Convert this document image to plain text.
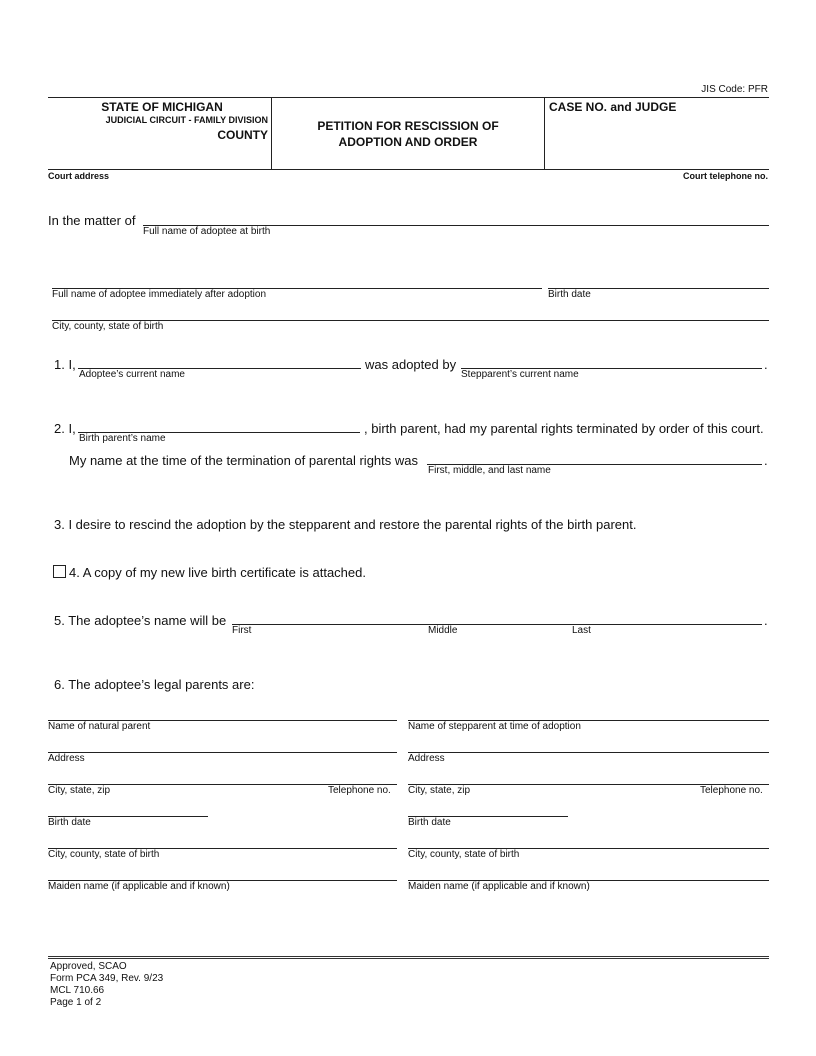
JIS Code: PFR
STATE OF MICHIGAN
JUDICIAL CIRCUIT - FAMILY DIVISION
COUNTY
PETITION FOR RESCISSION OF
ADOPTION AND ORDER
CASE NO. and JUDGE
Court address	Court telephone no.
In the matter of
Full name of adoptee at birth
Full name of adoptee immediately after adoption	Birth date
City, county, state of birth
1. I,
Adoptee’s current name
was adopted by
Stepparent’s current name
.
2. I,
Birth parent’s name
, birth parent, had my parental rights terminated by order of this court.
My name at the time of the termination of parental rights was
First, middle, and last name
.
3. I desire to rescind the adoption by the stepparent and restore the parental rights of the birth parent.
4. A copy of my new live birth certificate is attached.
5. The adoptee’s name will be
First	Middle	Last
.
6. The adoptee’s legal parents are:
Name of natural parent
Address
City, state, zip	Telephone no.
Birth date
City, county, state of birth
Maiden name (if applicable and if known)
Name of stepparent at time of adoption
Address
City, state, zip	Telephone no.
Birth date
City, county, state of birth
Maiden name (if applicable and if known)
Approved, SCAO
Form PCA 349, Rev. 9/23
MCL 710.66
Page 1 of 2
